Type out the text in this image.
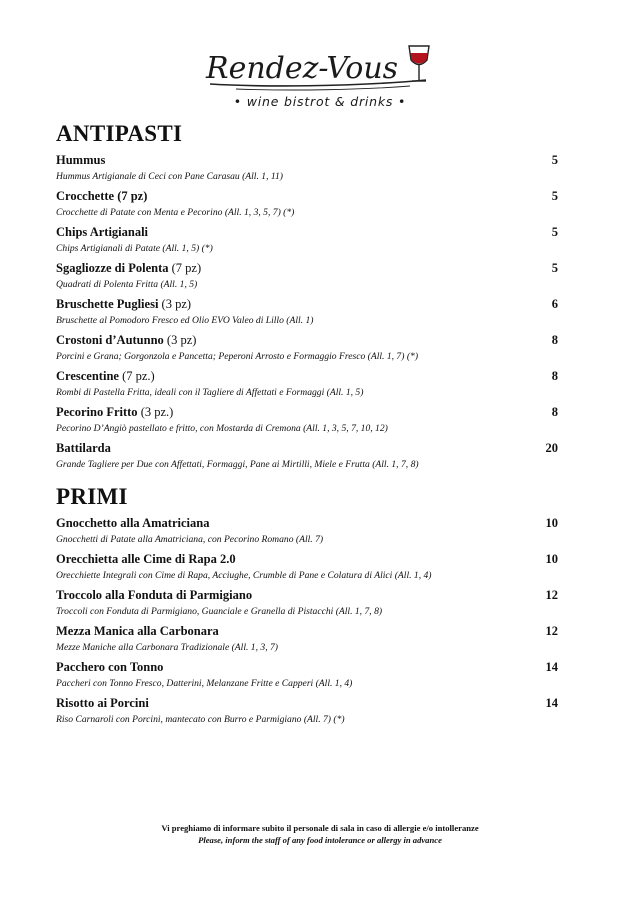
Rendez-Vous
• wine bistrot & drinks •
ANTIPASTI
Hummus	5
Hummus Artigianale di Ceci con Pane Carasau (All. 1, 11)
Crocchette (7 pz)	5
Crocchette di Patate con Menta e Pecorino (All. 1, 3, 5, 7) (*)
Chips Artigianali	5
Chips Artigianali di Patate (All. 1, 5) (*)
Sgagliozze di Polenta (7 pz)	5
Quadrati di Polenta Fritta (All. 1, 5)
Bruschette Pugliesi (3 pz)	6
Bruschette al Pomodoro Fresco ed Olio EVO Valeo di Lillo (All. 1)
Crostoni d’Autunno (3 pz)	8
Porcini e Grana; Gorgonzola e Pancetta; Peperoni Arrosto e Formaggio Fresco (All. 1, 7) (*)
Crescentine (7 pz.)	8
Rombi di Pastella Fritta, ideali con il Tagliere di Affettati e Formaggi (All. 1, 5)
Pecorino Fritto (3 pz.)	8
Pecorino D’Angiò pastellato e fritto, con Mostarda di Cremona (All. 1, 3, 5, 7, 10, 12)
Battilarda	20
Grande Tagliere per Due con Affettati, Formaggi, Pane ai Mirtilli, Miele e Frutta (All. 1, 7, 8)
PRIMI
Gnocchetto alla Amatriciana	10
Gnocchetti di Patate alla Amatriciana, con Pecorino Romano (All. 7)
Orecchietta alle Cime di Rapa 2.0	10
Orecchiette Integrali con Cime di Rapa, Acciughe, Crumble di Pane e Colatura di Alici (All. 1, 4)
Troccolo alla Fonduta di Parmigiano	12
Troccoli con Fonduta di Parmigiano, Guanciale e Granella di Pistacchi (All. 1, 7, 8)
Mezza Manica alla Carbonara	12
Mezze Maniche alla Carbonara Tradizionale (All. 1, 3, 7)
Pacchero con Tonno	14
Paccheri con Tonno Fresco, Datterini, Melanzane Fritte e Capperi (All. 1, 4)
Risotto ai Porcini	14
Riso Carnaroli con Porcini, mantecato con Burro e Parmigiano (All. 7) (*)
Vi preghiamo di informare subito il personale di sala in caso di allergie e/o intolleranze
Please, inform the staff of any food intolerance or allergy in advance
